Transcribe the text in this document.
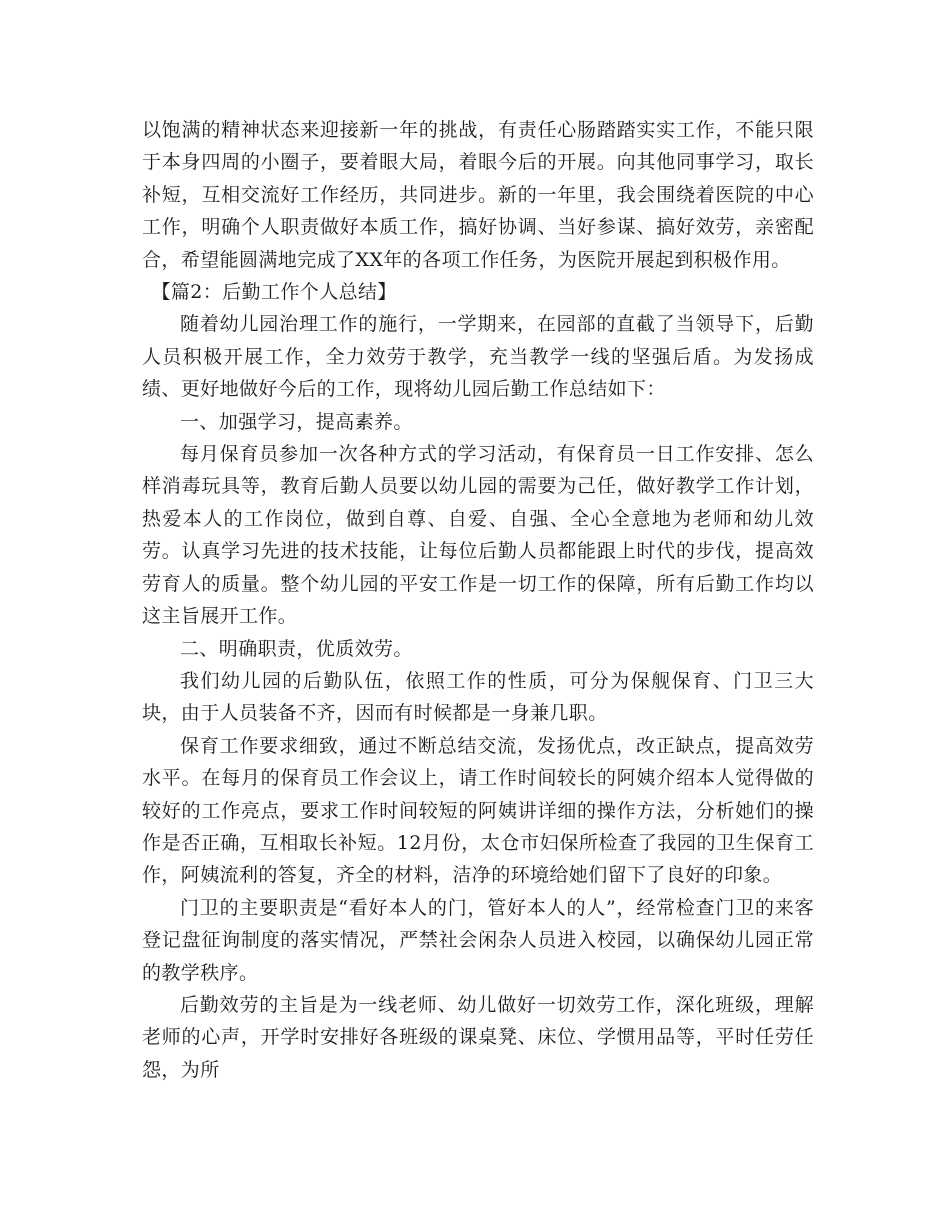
以饱满的精神状态来迎接新一年的挑战，有责任心肠踏踏实实工作，不能只限于本身四周的小圈子，要着眼大局，着眼今后的开展。向其他同事学习，取长补短，互相交流好工作经历，共同进步。新的一年里，我会围绕着医院的中心工作，明确个人职责做好本质工作，搞好协调、当好参谋、搞好效劳，亲密配合，希望能圆满地完成了XX年的各项工作任务，为医院开展起到积极作用。

【篇2：后勤工作个人总结】

随着幼儿园治理工作的施行，一学期来，在园部的直截了当领导下，后勤人员积极开展工作，全力效劳于教学，充当教学一线的坚强后盾。为发扬成绩、更好地做好今后的工作，现将幼儿园后勤工作总结如下：

一、加强学习，提高素养。

每月保育员参加一次各种方式的学习活动，有保育员一日工作安排、怎么样消毒玩具等，教育后勤人员要以幼儿园的需要为己任，做好教学工作计划，热爱本人的工作岗位，做到自尊、自爱、自强、全心全意地为老师和幼儿效劳。认真学习先进的技术技能，让每位后勤人员都能跟上时代的步伐，提高效劳育人的质量。整个幼儿园的平安工作是一切工作的保障，所有后勤工作均以这主旨展开工作。

二、明确职责，优质效劳。

我们幼儿园的后勤队伍，依照工作的性质，可分为保舰保育、门卫三大块，由于人员装备不齐，因而有时候都是一身兼几职。

保育工作要求细致，通过不断总结交流，发扬优点，改正缺点，提高效劳水平。在每月的保育员工作会议上，请工作时间较长的阿姨介绍本人觉得做的较好的工作亮点，要求工作时间较短的阿姨讲详细的操作方法，分析她们的操作是否正确，互相取长补短。12月份，太仓市妇保所检查了我园的卫生保育工作，阿姨流利的答复，齐全的材料，洁净的环境给她们留下了良好的印象。

门卫的主要职责是“看好本人的门，管好本人的人”，经常检查门卫的来客登记盘征询制度的落实情况，严禁社会闲杂人员进入校园，以确保幼儿园正常的教学秩序。

后勤效劳的主旨是为一线老师、幼儿做好一切效劳工作，深化班级，理解老师的心声，开学时安排好各班级的课桌凳、床位、学惯用品等，平时任劳任怨，为所
